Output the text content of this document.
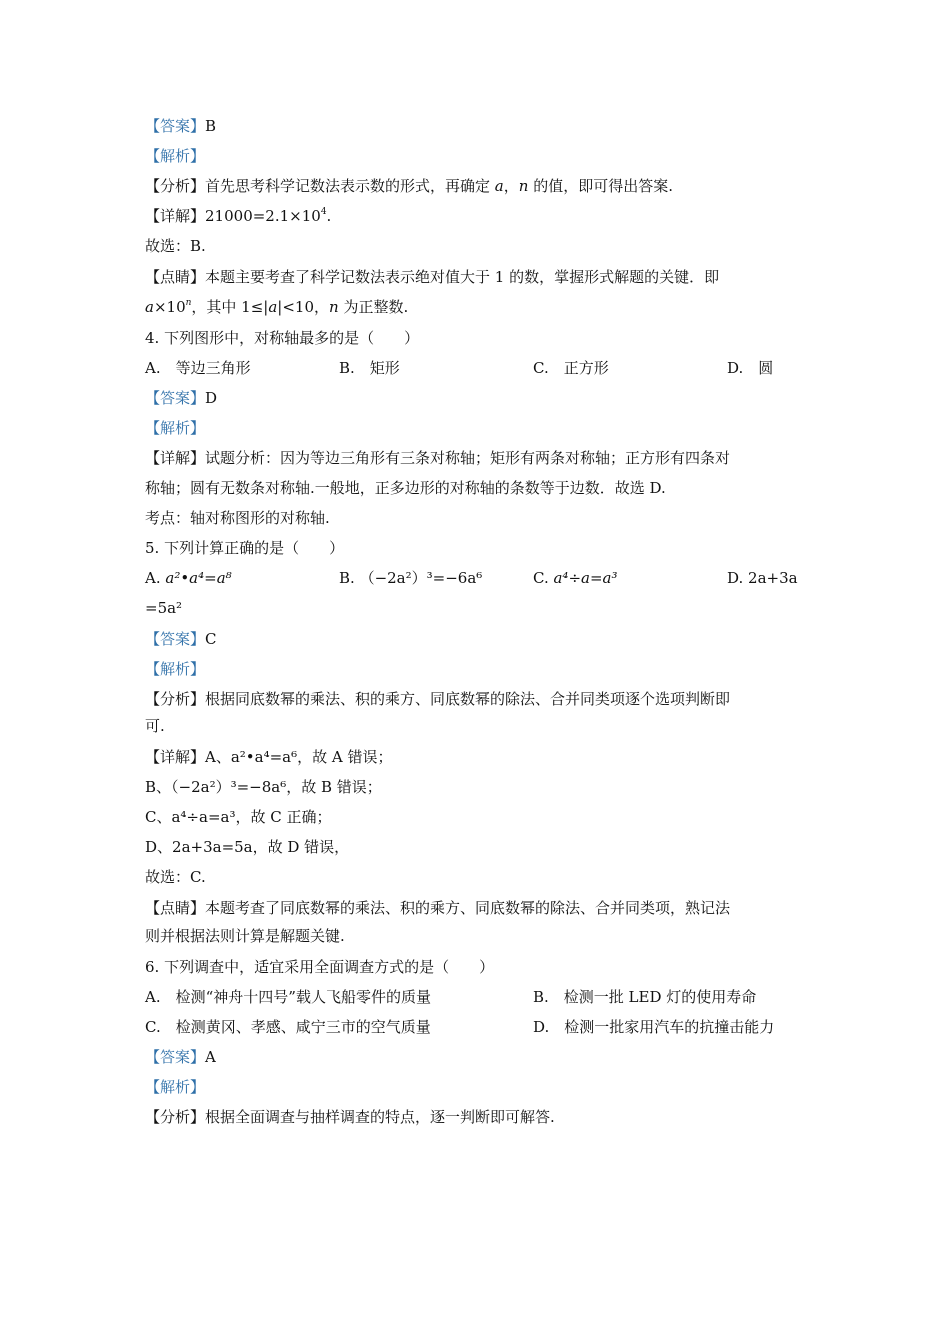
【答案】B
【解析】
【分析】首先思考科学记数法表示数的形式，再确定 a，n 的值，即可得出答案.
【详解】$21000=2.1\times 10^4$.
故选：B.
【点睛】本题主要考查了科学记数法表示绝对值大于 1 的数，掌握形式解题的关键．即
$a\times 10^n$，其中 1≤|a|<10，n 为正整数.
4. 下列图形中，对称轴最多的是（　　）
A.　等边三角形	B.　矩形	C.　正方形	D.　圆
【答案】D
【解析】
【详解】试题分析：因为等边三角形有三条对称轴；矩形有两条对称轴；正方形有四条对
称轴；圆有无数条对称轴.一般地，正多边形的对称轴的条数等于边数．故选 D.
考点：轴对称图形的对称轴.
5. 下列计算正确的是（　　）
A. a²•a⁴=a⁸	B. （−2a²）³=−6a⁶	C. a⁴÷a=a³	D. 2a+3a
=5a²
【答案】C
【解析】
【分析】根据同底数幂的乘法、积的乘方、同底数幂的除法、合并同类项逐个选项判断即
可.
【详解】A、a²•a⁴=a⁶，故 A 错误；
B、（−2a²）³=−8a⁶，故 B 错误；
C、a⁴÷a=a³，故 C 正确；
D、2a+3a=5a，故 D 错误，
故选：C.
【点睛】本题考查了同底数幂的乘法、积的乘方、同底数幂的除法、合并同类项，熟记法
则并根据法则计算是解题关键.
6. 下列调查中，适宜采用全面调查方式的是（　　）
A.　检测“神舟十四号”载人飞船零件的质量	B.　检测一批 LED 灯的使用寿命
C.　检测黄冈、孝感、咸宁三市的空气质量	D.　检测一批家用汽车的抗撞击能力
【答案】A
【解析】
【分析】根据全面调查与抽样调查的特点，逐一判断即可解答.
